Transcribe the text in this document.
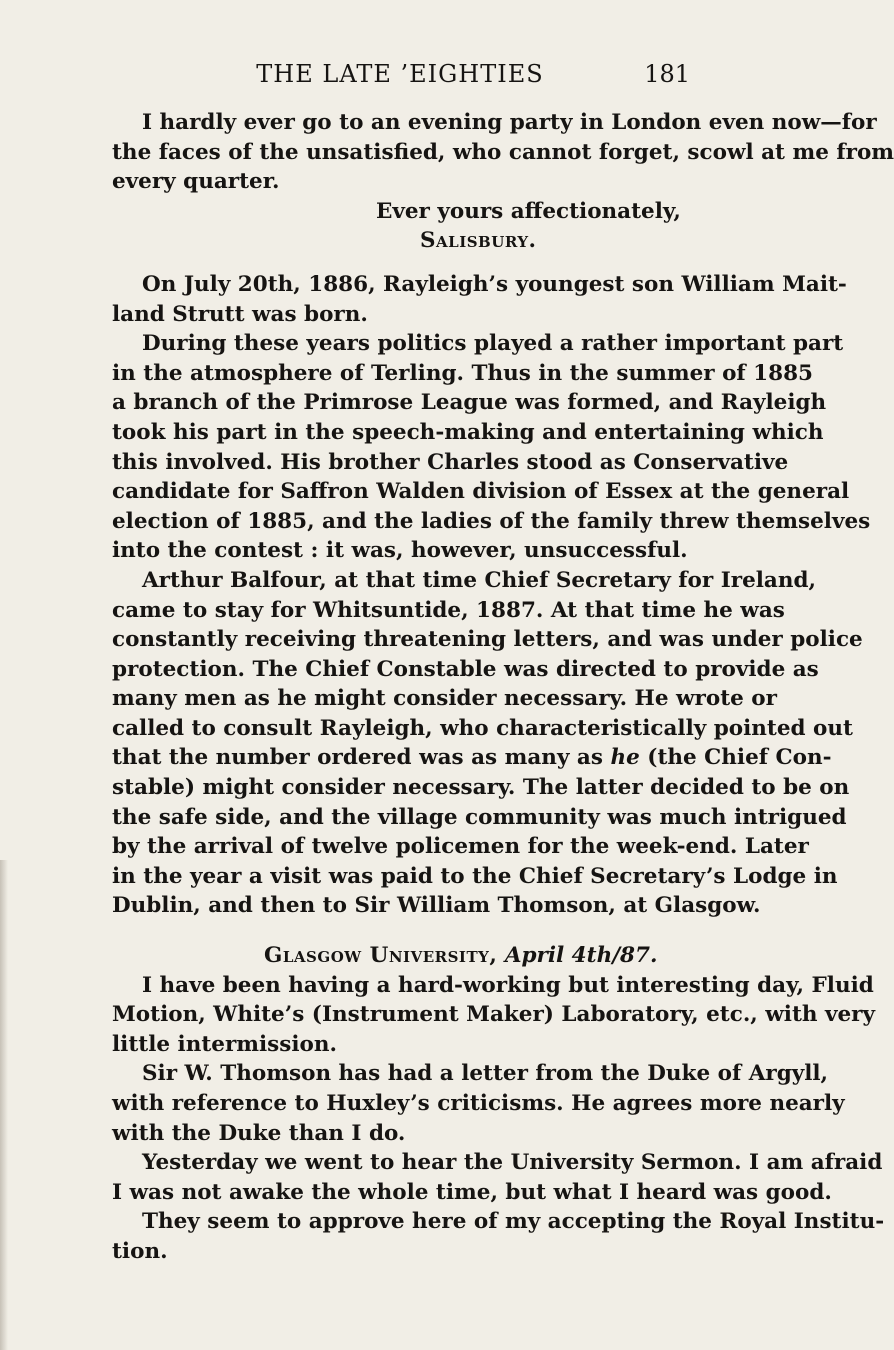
THE LATE ’EIGHTIES	181
I hardly ever go to an evening party in London even now—for
the faces of the unsatisfied, who cannot forget, scowl at me from
every quarter.
Ever yours affectionately,
Salisbury.
On July 20th, 1886, Rayleigh’s youngest son William Mait-
land Strutt was born.
During these years politics played a rather important part
in the atmosphere of Terling. Thus in the summer of 1885
a branch of the Primrose League was formed, and Rayleigh
took his part in the speech-making and entertaining which
this involved. His brother Charles stood as Conservative
candidate for Saffron Walden division of Essex at the general
election of 1885, and the ladies of the family threw themselves
into the contest : it was, however, unsuccessful.
Arthur Balfour, at that time Chief Secretary for Ireland,
came to stay for Whitsuntide, 1887. At that time he was
constantly receiving threatening letters, and was under police
protection. The Chief Constable was directed to provide as
many men as he might consider necessary. He wrote or
called to consult Rayleigh, who characteristically pointed out
that the number ordered was as many as he (the Chief Con-
stable) might consider necessary. The latter decided to be on
the safe side, and the village community was much intrigued
by the arrival of twelve policemen for the week-end. Later
in the year a visit was paid to the Chief Secretary’s Lodge in
Dublin, and then to Sir William Thomson, at Glasgow.
Glasgow University, April 4th/87.
I have been having a hard-working but interesting day, Fluid
Motion, White’s (Instrument Maker) Laboratory, etc., with very
little intermission.
Sir W. Thomson has had a letter from the Duke of Argyll,
with reference to Huxley’s criticisms. He agrees more nearly
with the Duke than I do.
Yesterday we went to hear the University Sermon. I am afraid
I was not awake the whole time, but what I heard was good.
They seem to approve here of my accepting the Royal Institu-
tion.
